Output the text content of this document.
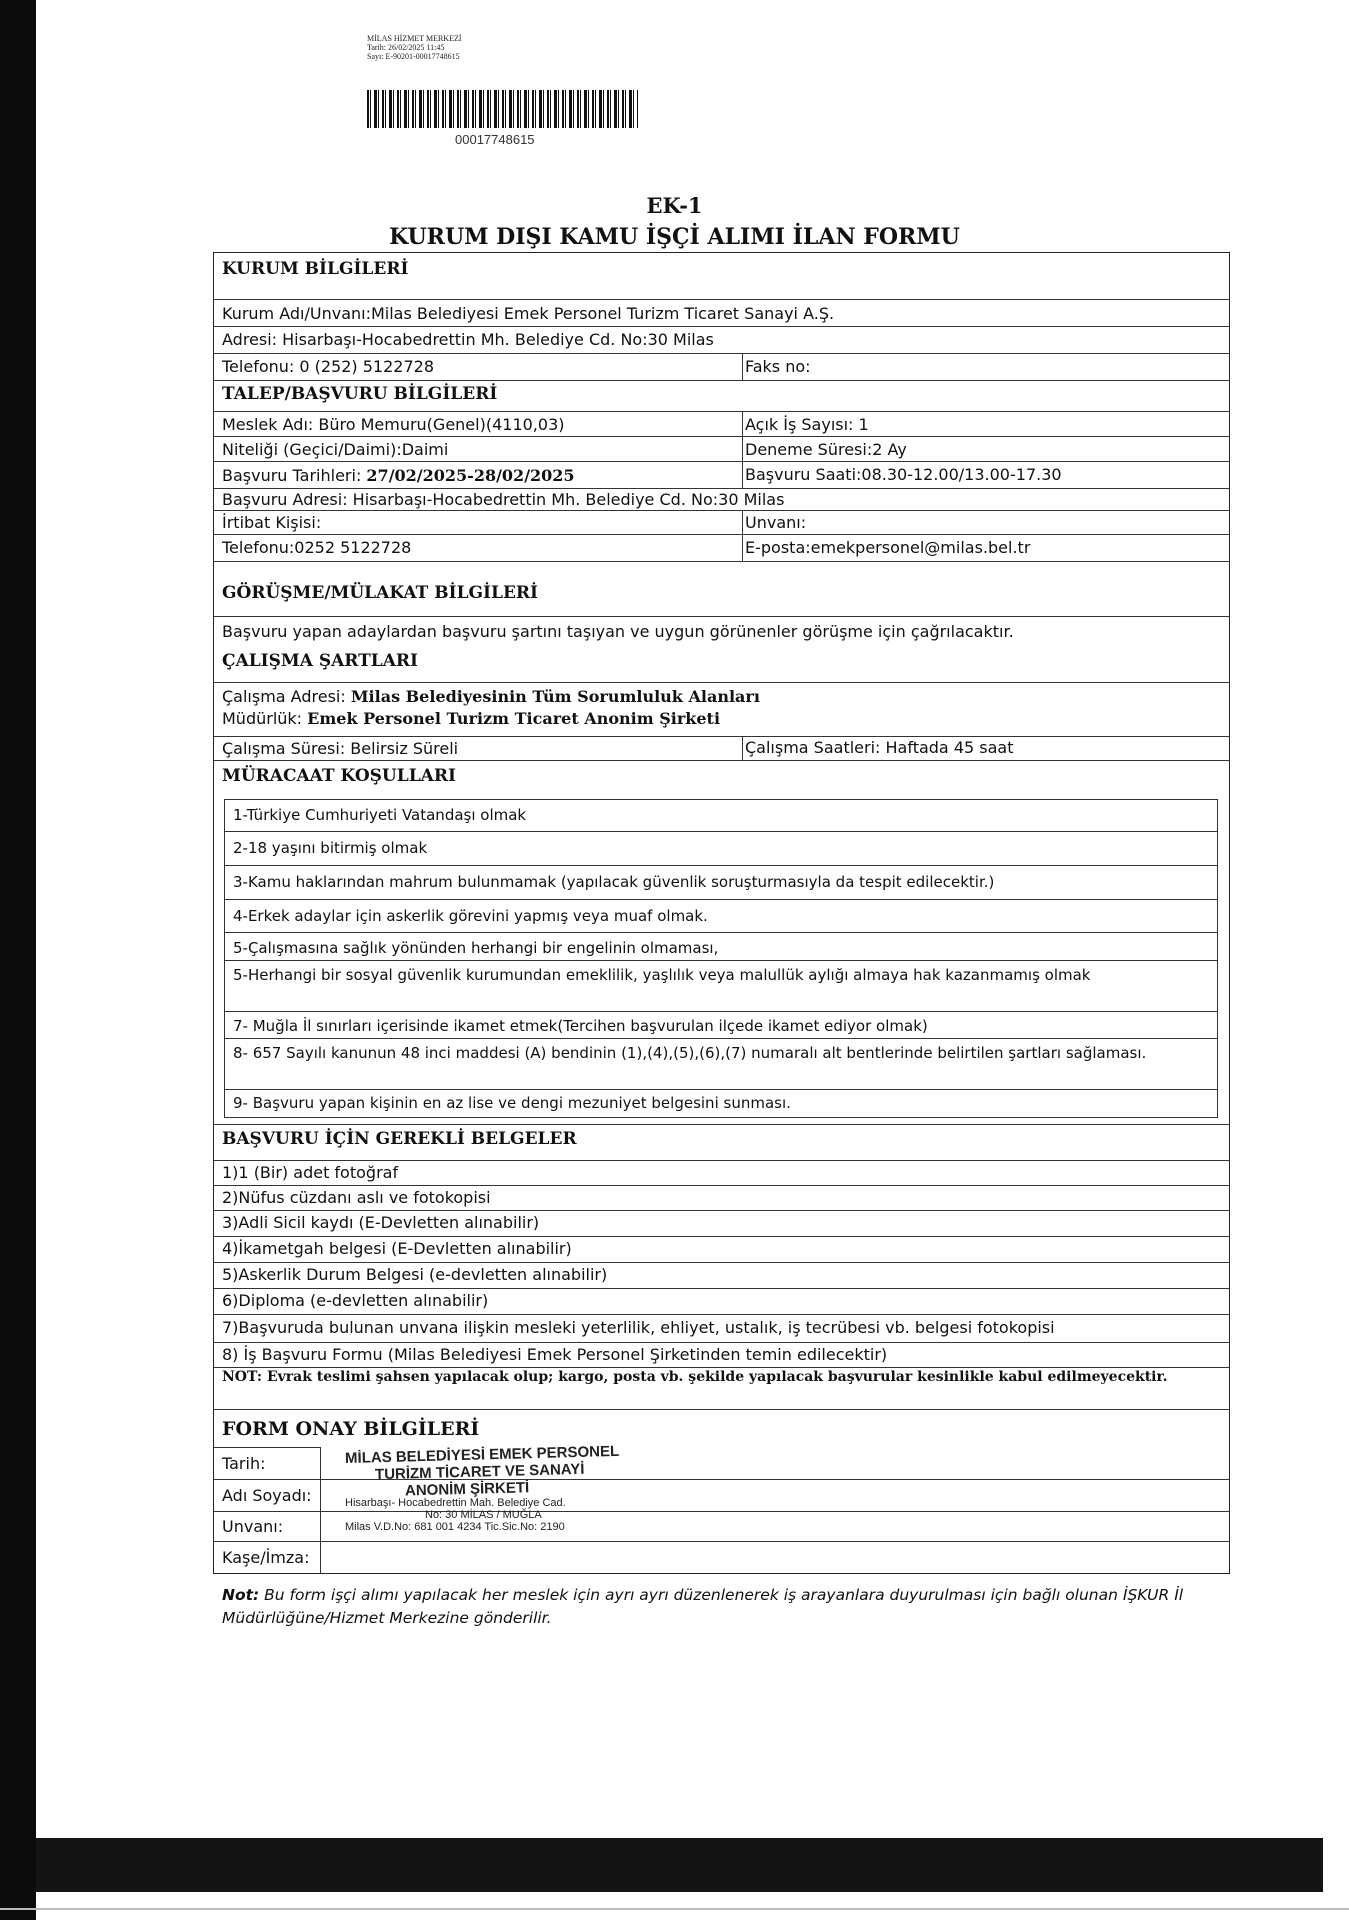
MİLAS HİZMET MERKEZİ
Tarih: 26/02/2025 11:45
Sayı: E-90201-00017748615
00017748615
EK-1
KURUM DIŞI KAMU İŞÇİ ALIMI İLAN FORMU
KURUM BİLGİLERİ
Kurum Adı/Unvanı:Milas Belediyesi Emek Personel Turizm Ticaret Sanayi A.Ş.
Adresi: Hisarbaşı-Hocabedrettin Mh. Belediye Cd. No:30 Milas
Telefonu: 0 (252) 5122728	Faks no:
TALEP/BAŞVURU BİLGİLERİ
Meslek Adı: Büro Memuru(Genel)(4110,03)	Açık İş Sayısı: 1
Niteliği (Geçici/Daimi):Daimi	Deneme Süresi:2 Ay
Başvuru Tarihleri: 27/02/2025-28/02/2025	Başvuru Saati:08.30-12.00/13.00-17.30
Başvuru Adresi: Hisarbaşı-Hocabedrettin Mh. Belediye Cd. No:30 Milas
İrtibat Kişisi:	Unvanı:
Telefonu:0252 5122728	E-posta:emekpersonel@milas.bel.tr
GÖRÜŞME/MÜLAKAT BİLGİLERİ
Başvuru yapan adaylardan başvuru şartını taşıyan ve uygun görünenler görüşme için çağrılacaktır.
ÇALIŞMA ŞARTLARI
Çalışma Adresi: Milas Belediyesinin Tüm Sorumluluk Alanları
Müdürlük: Emek Personel Turizm Ticaret Anonim Şirketi
Çalışma Süresi: Belirsiz Süreli	Çalışma Saatleri: Haftada 45 saat
MÜRACAAT KOŞULLARI
1-Türkiye Cumhuriyeti Vatandaşı olmak
2-18 yaşını bitirmiş olmak
3-Kamu haklarından mahrum bulunmamak (yapılacak güvenlik soruşturmasıyla da tespit edilecektir.)
4-Erkek adaylar için askerlik görevini yapmış veya muaf olmak.
5-Çalışmasına sağlık yönünden herhangi bir engelinin olmaması,
5-Herhangi bir sosyal güvenlik kurumundan emeklilik, yaşlılık veya malullük aylığı almaya hak kazanmamış olmak
7- Muğla İl sınırları içerisinde ikamet etmek(Tercihen başvurulan ilçede ikamet ediyor olmak)
8- 657 Sayılı kanunun 48 inci maddesi (A) bendinin (1),(4),(5),(6),(7) numaralı alt bentlerinde belirtilen şartları sağlaması.
9- Başvuru yapan kişinin en az lise ve dengi mezuniyet belgesini sunması.
BAŞVURU İÇİN GEREKLİ BELGELER
1)1 (Bir) adet fotoğraf
2)Nüfus cüzdanı aslı ve fotokopisi
3)Adli Sicil kaydı (E-Devletten alınabilir)
4)İkametgah belgesi (E-Devletten alınabilir)
5)Askerlik Durum Belgesi (e-devletten alınabilir)
6)Diploma (e-devletten alınabilir)
7)Başvuruda bulunan unvana ilişkin mesleki yeterlilik, ehliyet, ustalık, iş tecrübesi vb. belgesi fotokopisi
8) İş Başvuru Formu (Milas Belediyesi Emek Personel Şirketinden temin edilecektir)
NOT: Evrak teslimi şahsen yapılacak olup; kargo, posta vb. şekilde yapılacak başvurular kesinlikle kabul edilmeyecektir.
FORM ONAY BİLGİLERİ
Tarih:
Adı Soyadı:
Unvanı:
Kaşe/İmza:
MİLAS BELEDİYESİ EMEK PERSONEL
TURİZM TİCARET VE SANAYİ
ANONİM ŞİRKETİ
Hisarbaşı- Hocabedrettin Mah. Belediye Cad.
No: 30 MİLAS / MUĞLA
Milas V.D.No: 681 001 4234 Tic.Sic.No: 2190
Not: Bu form işçi alımı yapılacak her meslek için ayrı ayrı düzenlenerek iş arayanlara duyurulması için bağlı olunan İŞKUR İl Müdürlüğüne/Hizmet Merkezine gönderilir.
